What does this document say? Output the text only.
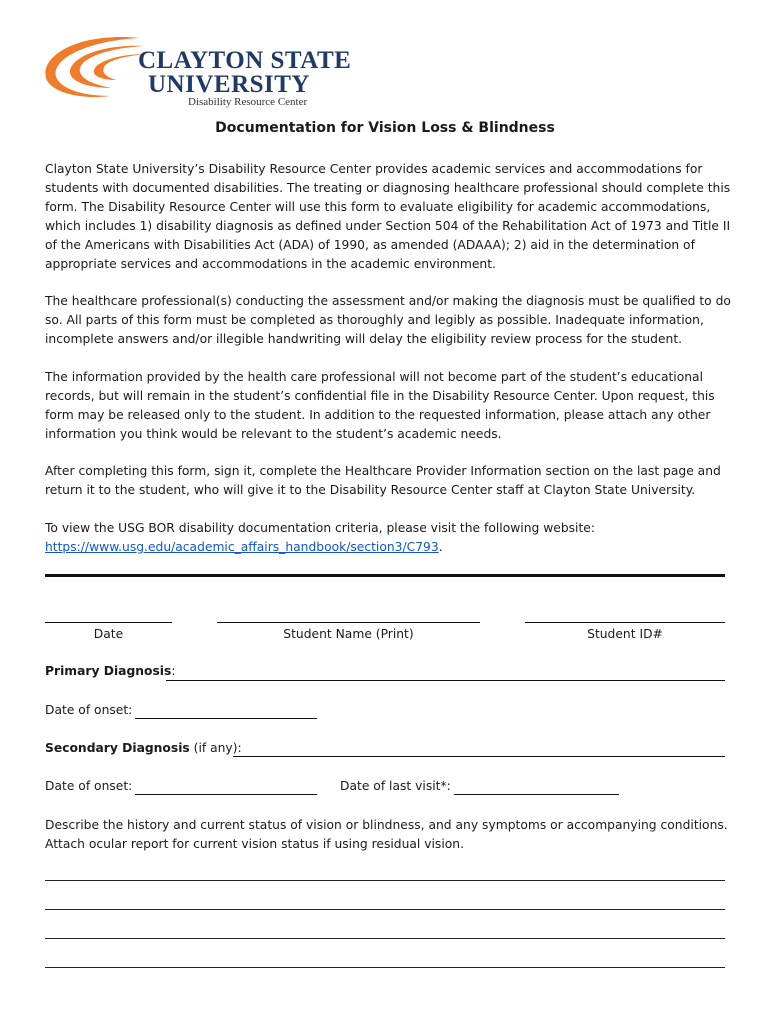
CLAYTON STATE
UNIVERSITY
Disability Resource Center
Documentation for Vision Loss & Blindness

Clayton State University’s Disability Resource Center provides academic services and accommodations for students with documented disabilities. The treating or diagnosing healthcare professional should complete this form. The Disability Resource Center will use this form to evaluate eligibility for academic accommodations, which includes 1) disability diagnosis as defined under Section 504 of the Rehabilitation Act of 1973 and Title II of the Americans with Disabilities Act (ADA) of 1990, as amended (ADAAA); 2) aid in the determination of appropriate services and accommodations in the academic environment.

The healthcare professional(s) conducting the assessment and/or making the diagnosis must be qualified to do so. All parts of this form must be completed as thoroughly and legibly as possible. Inadequate information, incomplete answers and/or illegible handwriting will delay the eligibility review process for the student.

The information provided by the health care professional will not become part of the student’s educational records, but will remain in the student’s confidential file in the Disability Resource Center. Upon request, this form may be released only to the student. In addition to the requested information, please attach any other information you think would be relevant to the student’s academic needs.

After completing this form, sign it, complete the Healthcare Provider Information section on the last page and return it to the student, who will give it to the Disability Resource Center staff at Clayton State University.

To view the USG BOR disability documentation criteria, please visit the following website:
https://www.usg.edu/academic_affairs_handbook/section3/C793.

Date	Student Name (Print)	Student ID#
Primary Diagnosis:
Date of onset:
Secondary Diagnosis (if any):
Date of onset:	Date of last visit*:

Describe the history and current status of vision or blindness, and any symptoms or accompanying conditions. Attach ocular report for current vision status if using residual vision.
